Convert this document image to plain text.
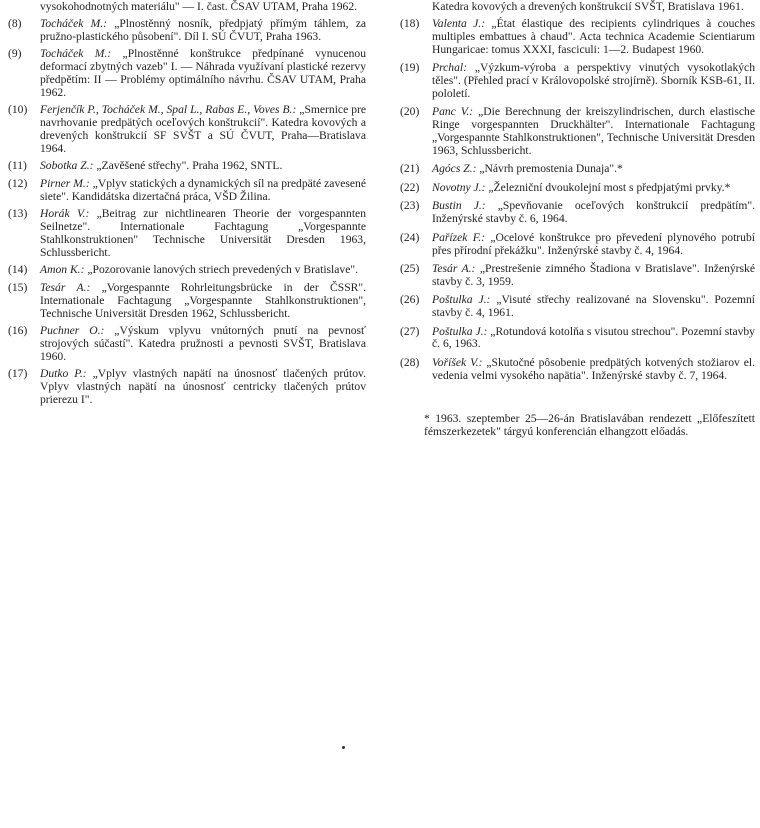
vysokohodnotných materiálu" — I. čast. ČSAV UTAM, Praha 1962.
(8) Tocháček M.: „Plnostěnný nosník, předpjatý přímým táhlem, za pružno-plastického působení". Díl I. SÚ ČVUT, Praha 1963.
(9) Tocháček M.: „Plnostěnné konštrukce předpínané vynucenou deformací zbytných vazeb" I. — Náhrada využívaní plastické rezervy předpětím: II — Problémy optimálního návrhu. ČSAV UTAM, Praha 1962.
(10) Ferjenčík P., Tocháček M., Spal L., Rabas E., Voves B.: „Smernice pre navrhovanie predpätých oceľových konštrukcií". Katedra kovových a drevených konštrukcií SF SVŠT a SÚ ČVUT, Praha—Bratislava 1964.
(11) Sobotka Z.: „Zavěšené střechy". Praha 1962, SNTL.
(12) Pirner M.: „Vplyv statických a dynamických síl na predpäté zavesené siete". Kandidátska dizertačná práca, VŠD Žilina.
(13) Horák V.: „Beitrag zur nichtlinearen Theorie der vorgespannten Seilnetze". Internationale Fachtagung „Vorgespannte Stahlkonstruktionen" Technische Universität Dresden 1963, Schlussbericht.
(14) Amon K.: „Pozorovanie lanových striech prevedených v Bratislave".
(15) Tesár A.: „Vorgespannte Rohrleitungsbrücke in der ČSSR". Internationale Fachtagung „Vorgespannte Stahlkonstruktionen", Technische Universität Dresden 1962, Schlussbericht.
(16) Puchner O.: „Výskum vplyvu vnútorných pnutí na pevnosť strojových súčastí". Katedra pružnosti a pevnosti SVŠT, Bratislava 1960.
(17) Dutko P.: „Vplyv vlastných napätí na únosnosť tlačených prútov. Vplyv vlastných napätí na únosnosť centricky tlačených prútov prierezu I".
Katedra kovových a drevených konštrukcií SVŠT, Bratislava 1961.
(18) Valenta J.: „État élastique des recipients cylindriques à couches multiples embattues à chaud". Acta technica Academie Scientiarum Hungaricae: tomus XXXI, fasciculi: 1—2. Budapest 1960.
(19) Prchal: „Výzkum-výroba a perspektivy vinutých vysokotlakých těles". (Přehled prací v Královopolské strojírně). Sborník KSB-61, II. pololetí.
(20) Panc V.: „Die Berechnung der kreiszylindrischen, durch elastische Ringe vorgespannten Druckhälter". Internationale Fachtagung „Vorgespannte Stahlkonstruktionen", Technische Universität Dresden 1963, Schlussbericht.
(21) Agócs Z.: „Návrh premostenia Dunaja".*
(22) Novotny J.: „Železniční dvoukolejní most s předpjatými prvky.*
(23) Bustin J.: „Spevňovanie oceľových konštrukcií predpätím". Inženýrské stavby č. 6, 1964.
(24) Pařízek F.: „Ocelové konštrukce pro převedení plynového potrubí přes přírodní překážku". Inženýrské stavby č. 4, 1964.
(25) Tesár A.: „Prestrešenie zimného Štadiona v Bratislave". Inženýrské stavby č. 3, 1959.
(26) Poštulka J.: „Visuté střechy realizované na Slovensku". Pozemní stavby č. 4, 1961.
(27) Poštulka J.: „Rotundová kotolňa s visutou strechou". Pozemní stavby č. 6, 1963.
(28) Voříšek V.: „Skutočné pôsobenie predpätých kotvených stožiarov el. vedenia velmi vysokého napätia". Inženýrské stavby č. 7, 1964.
* 1963. szeptember 25—26-án Bratislavában rendezett „Előfeszített fémszerkezetek" tárgyú konferencián elhangzott előadás.
